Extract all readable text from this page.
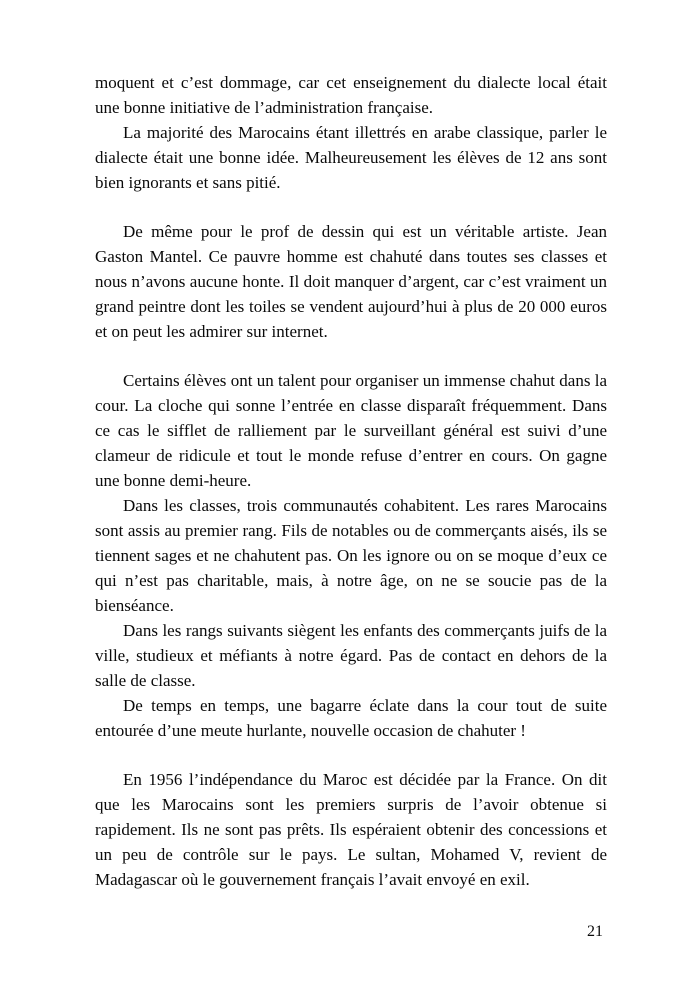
moquent et c’est dommage, car cet enseignement du dialecte local était une bonne initiative de l’administration française.

La majorité des Marocains étant illettrés en arabe classique, parler le dialecte était une bonne idée. Malheureusement les élèves de 12 ans sont bien ignorants et sans pitié.

De même pour le prof de dessin qui est un véritable artiste. Jean Gaston Mantel. Ce pauvre homme est chahuté dans toutes ses classes et nous n’avons aucune honte. Il doit manquer d’argent, car c’est vraiment un grand peintre dont les toiles se vendent aujourd’hui à plus de 20 000 euros et on peut les admirer sur internet.

Certains élèves ont un talent pour organiser un immense chahut dans la cour. La cloche qui sonne l’entrée en classe disparaît fréquemment. Dans ce cas le sifflet de ralliement par le surveillant général est suivi d’une clameur de ridicule et tout le monde refuse d’entrer en cours. On gagne une bonne demi-heure.

Dans les classes, trois communautés cohabitent. Les rares Marocains sont assis au premier rang. Fils de notables ou de commerçants aisés, ils se tiennent sages et ne chahutent pas. On les ignore ou on se moque d’eux ce qui n’est pas charitable, mais, à notre âge, on ne se soucie pas de la bienséance.

Dans les rangs suivants siègent les enfants des commerçants juifs de la ville, studieux et méfiants à notre égard. Pas de contact en dehors de la salle de classe.

De temps en temps, une bagarre éclate dans la cour tout de suite entourée d’une meute hurlante, nouvelle occasion de chahuter !

En 1956 l’indépendance du Maroc est décidée par la France. On dit que les Marocains sont les premiers surpris de l’avoir obtenue si rapidement. Ils ne sont pas prêts. Ils espéraient obtenir des concessions et un peu de contrôle sur le pays. Le sultan, Mohamed V, revient de Madagascar où le gouvernement français l’avait envoyé en exil.

21
